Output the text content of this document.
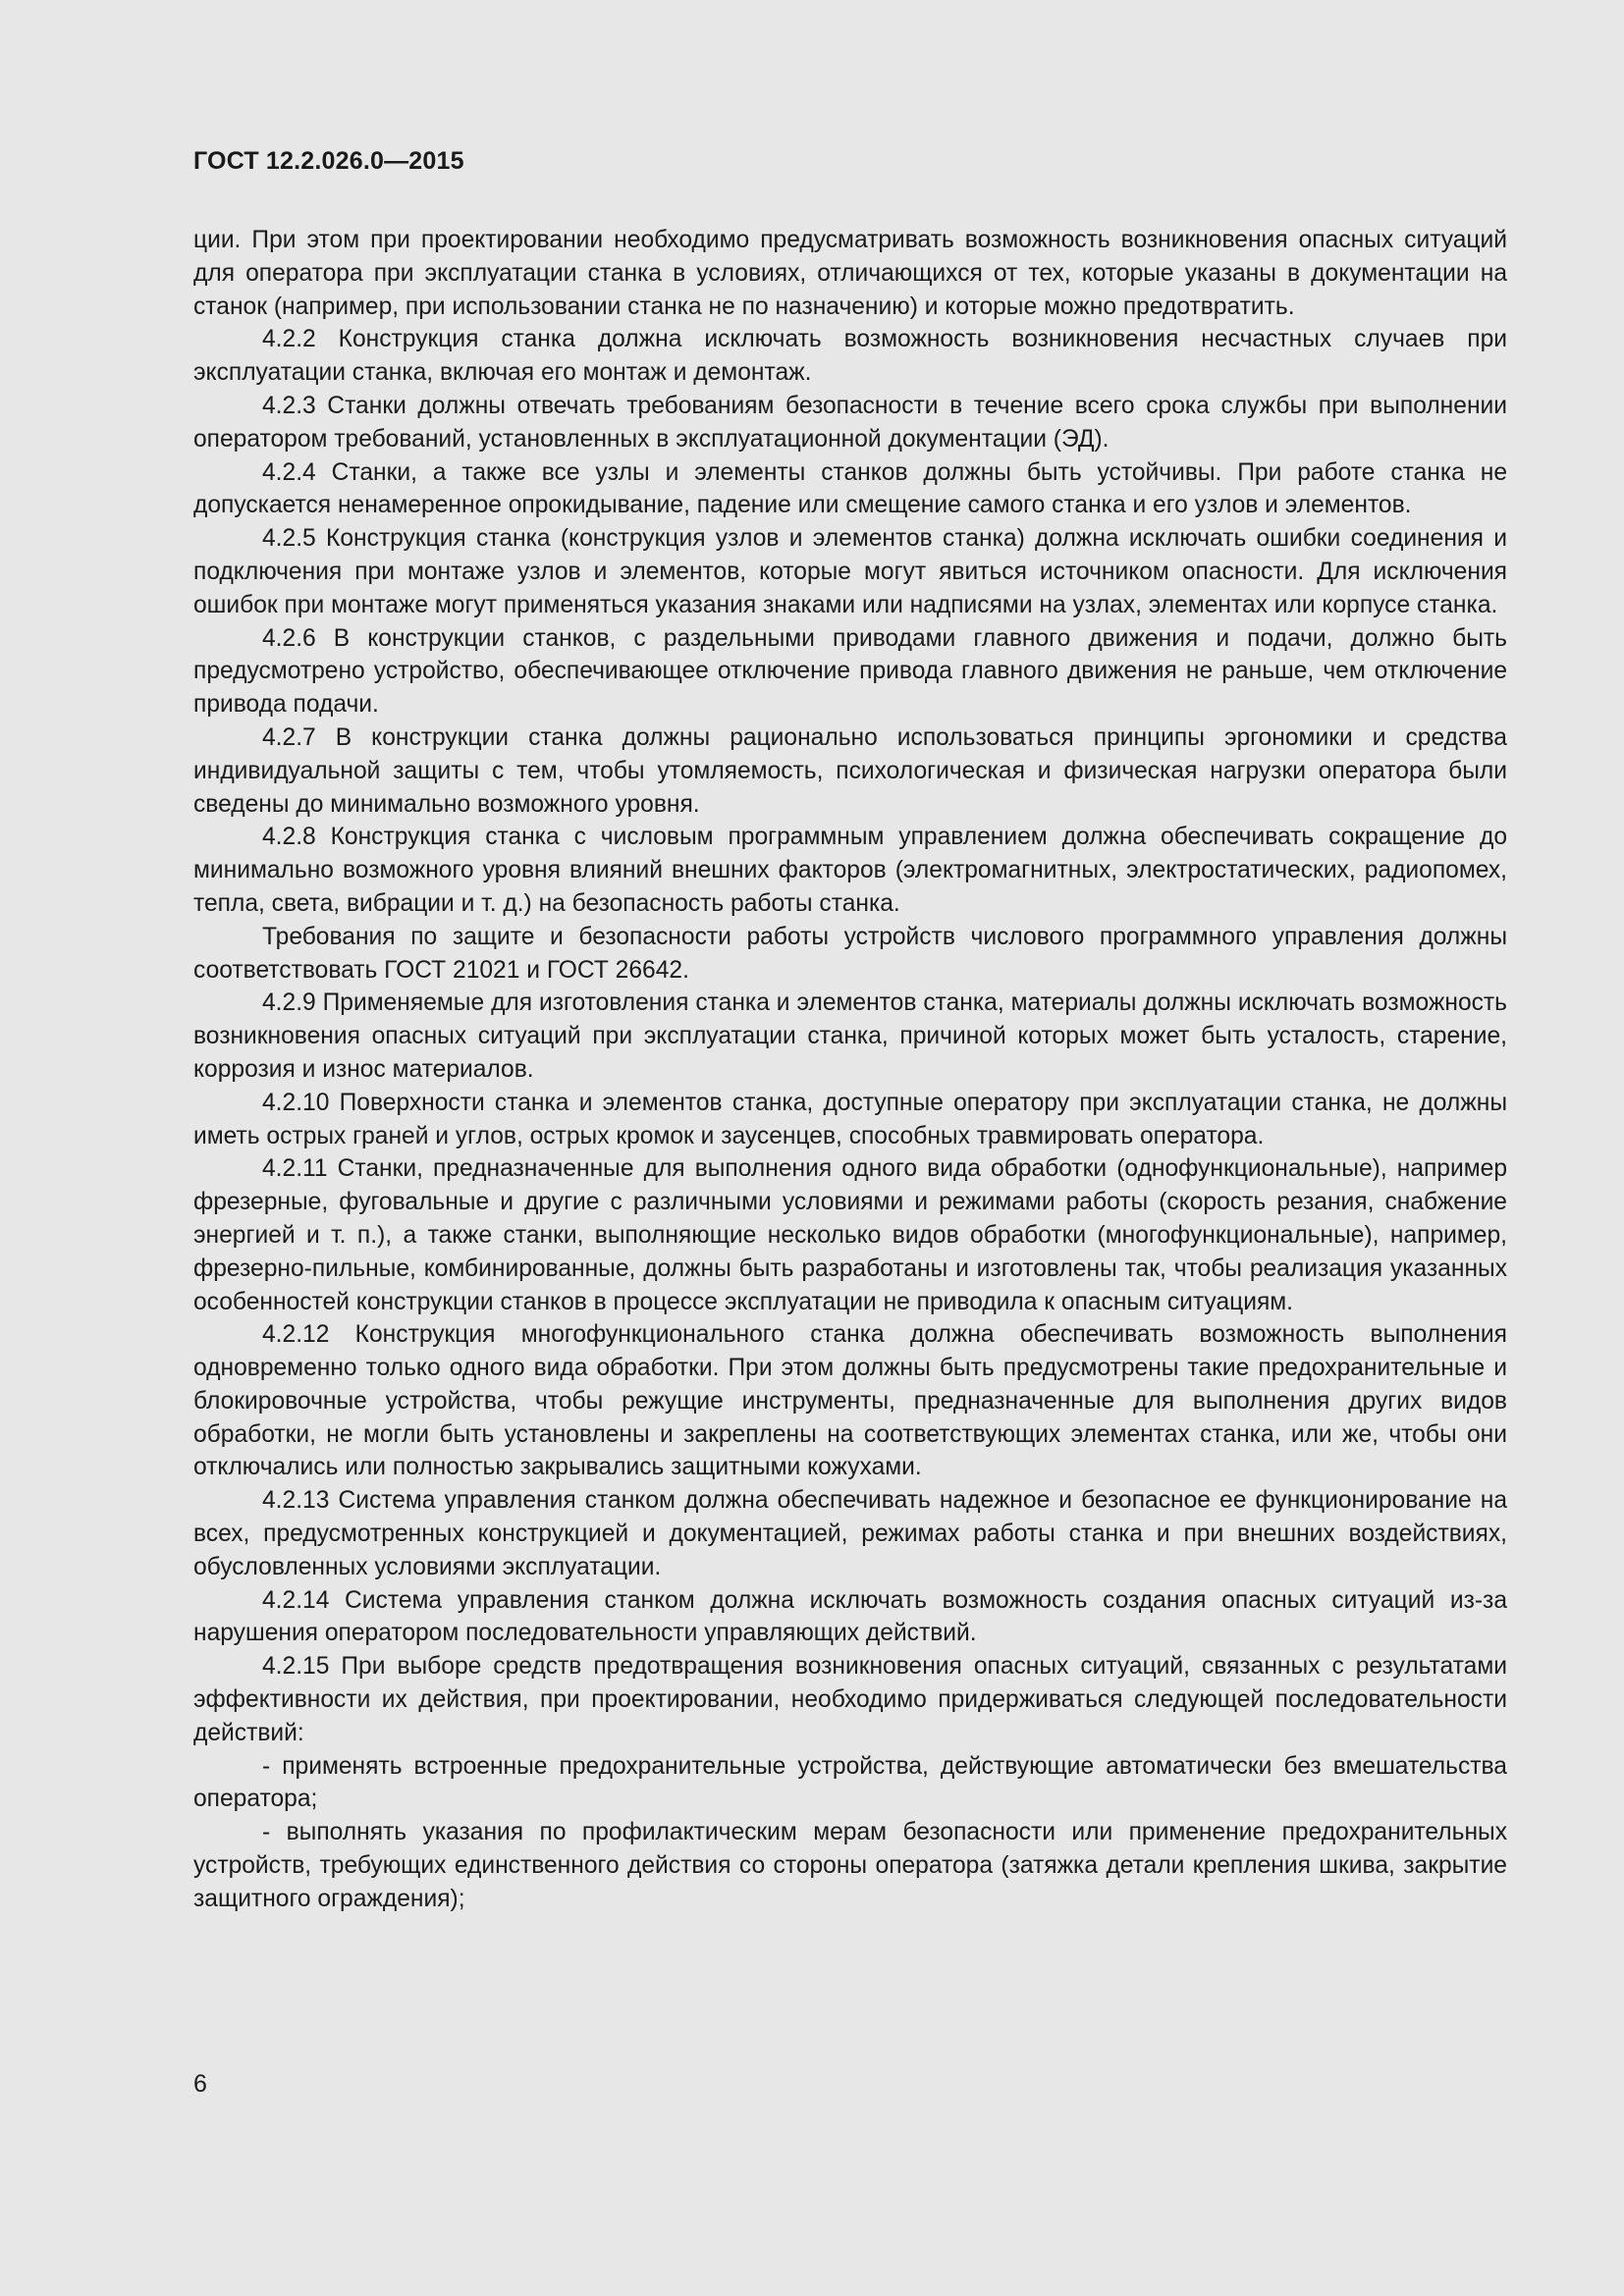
ГОСТ 12.2.026.0—2015

ции. При этом при проектировании необходимо предусматривать возможность возникновения опасных ситуаций для оператора при эксплуатации станка в условиях, отличающихся от тех, которые указаны в документации на станок (например, при использовании станка не по назначению) и которые можно предотвратить.

4.2.2 Конструкция станка должна исключать возможность возникновения несчастных случаев при эксплуатации станка, включая его монтаж и демонтаж.

4.2.3 Станки должны отвечать требованиям безопасности в течение всего срока службы при выполнении оператором требований, установленных в эксплуатационной документации (ЭД).

4.2.4 Станки, а также все узлы и элементы станков должны быть устойчивы. При работе станка не допускается ненамеренное опрокидывание, падение или смещение самого станка и его узлов и элементов.

4.2.5 Конструкция станка (конструкция узлов и элементов станка) должна исключать ошибки соединения и подключения при монтаже узлов и элементов, которые могут явиться источником опасности. Для исключения ошибок при монтаже могут применяться указания знаками или надписями на узлах, элементах или корпусе станка.

4.2.6 В конструкции станков, с раздельными приводами главного движения и подачи, должно быть предусмотрено устройство, обеспечивающее отключение привода главного движения не раньше, чем отключение привода подачи.

4.2.7 В конструкции станка должны рационально использоваться принципы эргономики и средства индивидуальной защиты с тем, чтобы утомляемость, психологическая и физическая нагрузки оператора были сведены до минимально возможного уровня.

4.2.8 Конструкция станка с числовым программным управлением должна обеспечивать сокращение до минимально возможного уровня влияний внешних факторов (электромагнитных, электростатических, радиопомех, тепла, света, вибрации и т. д.) на безопасность работы станка.

Требования по защите и безопасности работы устройств числового программного управления должны соответствовать ГОСТ 21021 и ГОСТ 26642.

4.2.9 Применяемые для изготовления станка и элементов станка, материалы должны исключать возможность возникновения опасных ситуаций при эксплуатации станка, причиной которых может быть усталость, старение, коррозия и износ материалов.

4.2.10 Поверхности станка и элементов станка, доступные оператору при эксплуатации станка, не должны иметь острых граней и углов, острых кромок и заусенцев, способных травмировать оператора.

4.2.11 Станки, предназначенные для выполнения одного вида обработки (однофункциональные), например фрезерные, фуговальные и другие с различными условиями и режимами работы (скорость резания, снабжение энергией и т. п.), а также станки, выполняющие несколько видов обработки (многофункциональные), например, фрезерно-пильные, комбинированные, должны быть разработаны и изготовлены так, чтобы реализация указанных особенностей конструкции станков в процессе эксплуатации не приводила к опасным ситуациям.

4.2.12 Конструкция многофункционального станка должна обеспечивать возможность выполнения одновременно только одного вида обработки. При этом должны быть предусмотрены такие предохранительные и блокировочные устройства, чтобы режущие инструменты, предназначенные для выполнения других видов обработки, не могли быть установлены и закреплены на соответствующих элементах станка, или же, чтобы они отключались или полностью закрывались защитными кожухами.

4.2.13 Система управления станком должна обеспечивать надежное и безопасное ее функционирование на всех, предусмотренных конструкцией и документацией, режимах работы станка и при внешних воздействиях, обусловленных условиями эксплуатации.

4.2.14 Система управления станком должна исключать возможность создания опасных ситуаций из-за нарушения оператором последовательности управляющих действий.

4.2.15 При выборе средств предотвращения возникновения опасных ситуаций, связанных с результатами эффективности их действия, при проектировании, необходимо придерживаться следующей последовательности действий:

- применять встроенные предохранительные устройства, действующие автоматически без вмешательства оператора;

- выполнять указания по профилактическим мерам безопасности или применение предохранительных устройств, требующих единственного действия со стороны оператора (затяжка детали крепления шкива, закрытие защитного ограждения);

6
